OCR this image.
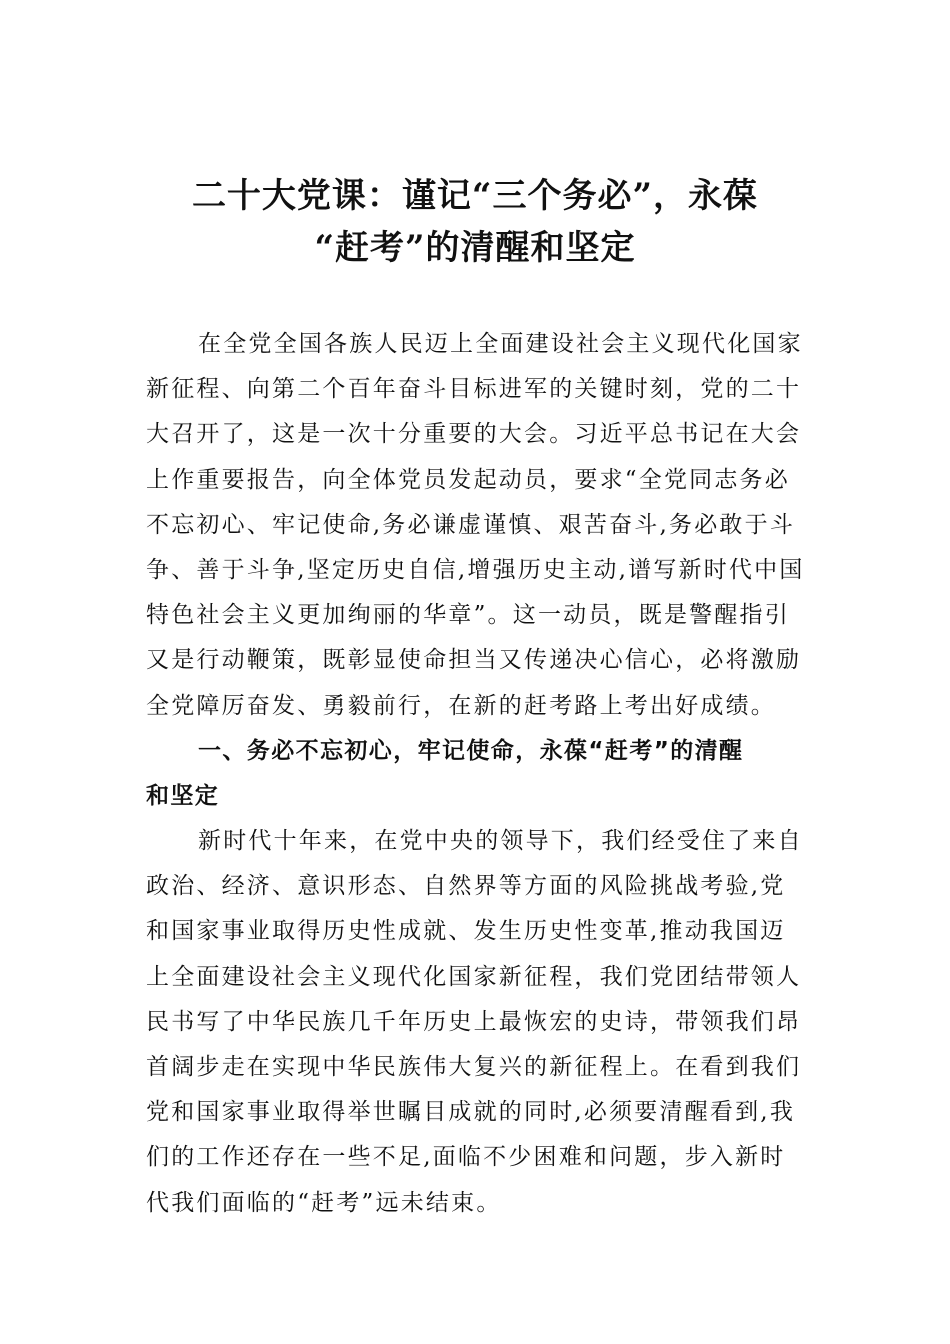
二十大党课：谨记“三个务必”，永葆
“赶考”的清醒和坚定
在全党全国各族人民迈上全面建设社会主义现代化国家
新征程、向第二个百年奋斗目标进军的关键时刻，党的二十
大召开了，这是一次十分重要的大会。习近平总书记在大会
上作重要报告，向全体党员发起动员，要求“全党同志务必
不忘初心、牢记使命,务必谦虚谨慎、艰苦奋斗,务必敢于斗
争、善于斗争,坚定历史自信,增强历史主动,谱写新时代中国
特色社会主义更加绚丽的华章”。这一动员，既是警醒指引
又是行动鞭策，既彰显使命担当又传递决心信心，必将激励
全党障厉奋发、勇毅前行，在新的赶考路上考出好成绩。
一、务必不忘初心，牢记使命，永葆“赶考”的清醒
和坚定
新时代十年来，在党中央的领导下，我们经受住了来自
政治、经济、意识形态、自然界等方面的风险挑战考验,党
和国家事业取得历史性成就、发生历史性变革,推动我国迈
上全面建设社会主义现代化国家新征程，我们党团结带领人
民书写了中华民族几千年历史上最恢宏的史诗，带领我们昂
首阔步走在实现中华民族伟大复兴的新征程上。在看到我们
党和国家事业取得举世瞩目成就的同时,必须要清醒看到,我
们的工作还存在一些不足,面临不少困难和问题，步入新时
代我们面临的“赶考”远未结束。
